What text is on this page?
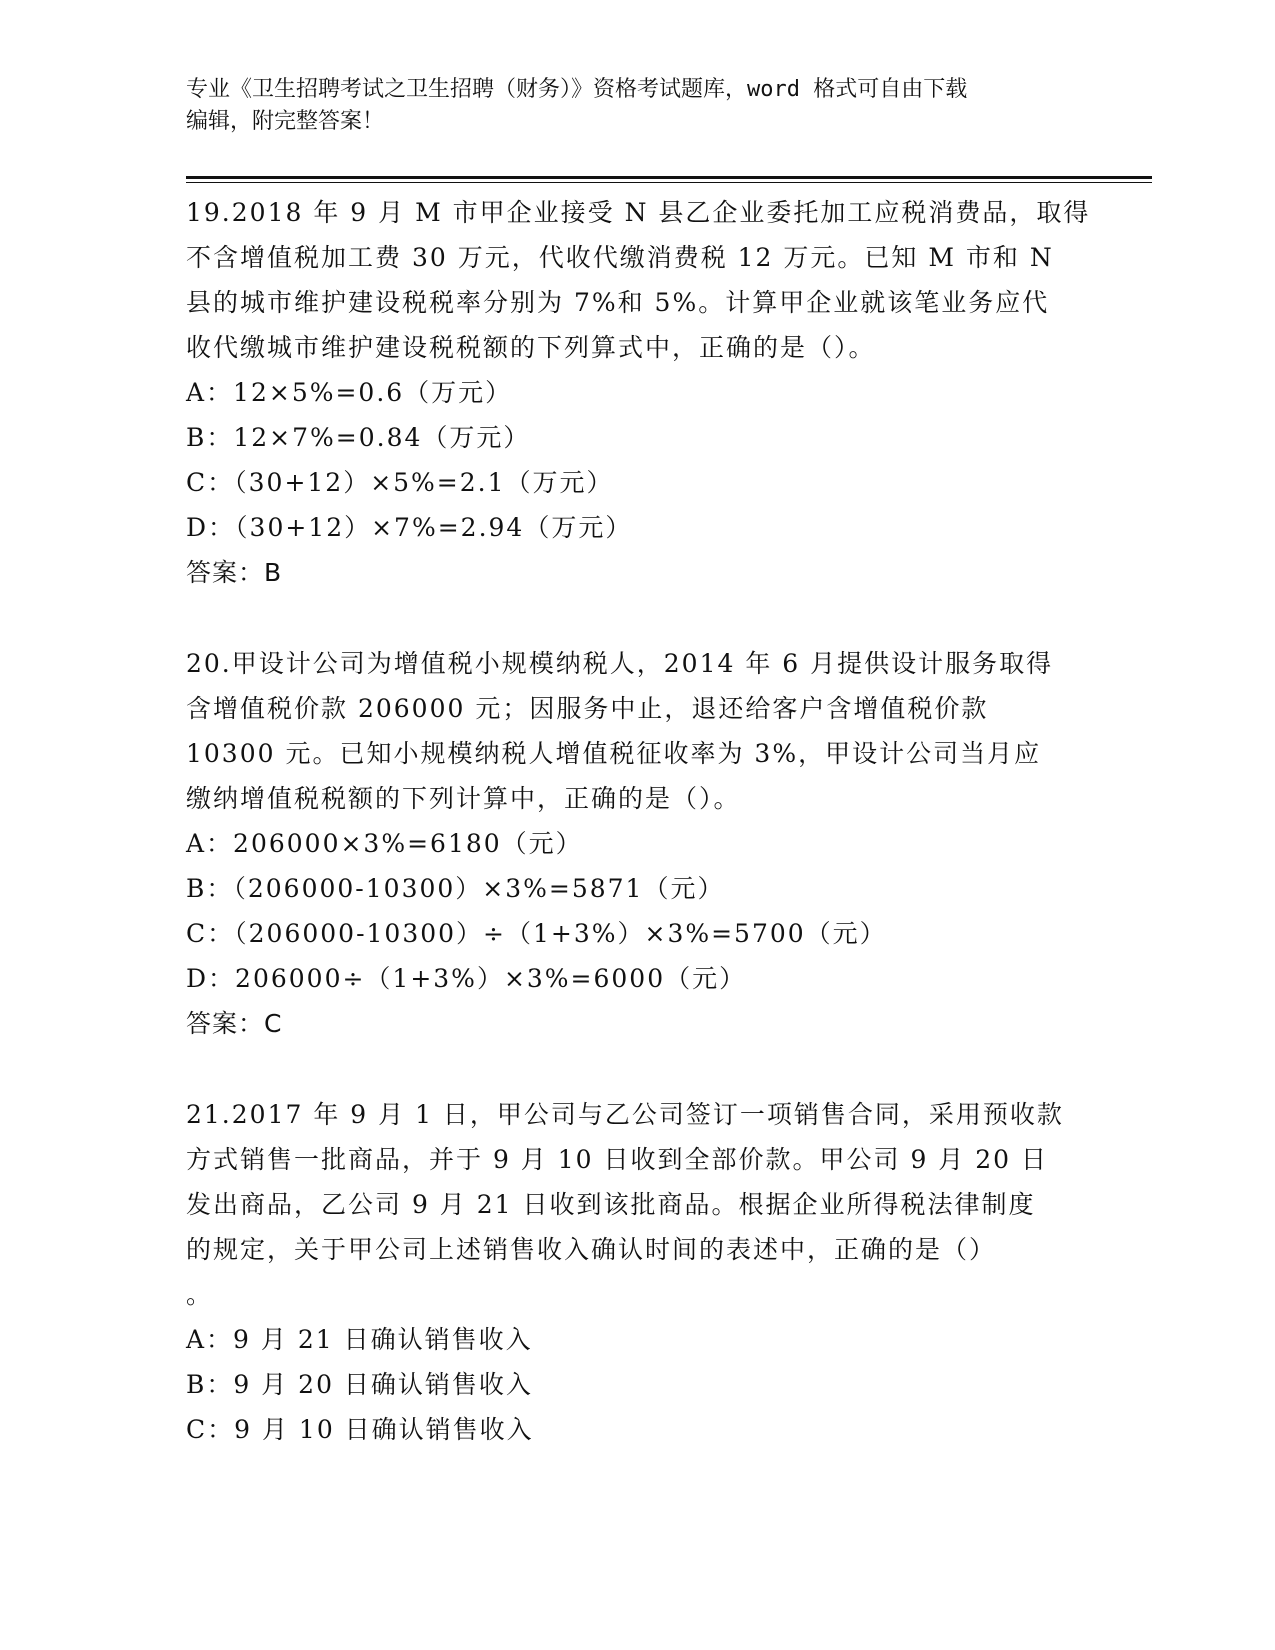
专业《卫生招聘考试之卫生招聘（财务）》资格考试题库，word 格式可自由下载
编辑，附完整答案！
19.2018 年 9 月 M 市甲企业接受 N 县乙企业委托加工应税消费品，取得
不含增值税加工费 30 万元，代收代缴消费税 12 万元。已知 M 市和 N
县的城市维护建设税税率分别为 7%和 5%。计算甲企业就该笔业务应代
收代缴城市维护建设税税额的下列算式中，正确的是（）。
A：12×5%=0.6（万元）
B：12×7%=0.84（万元）
C：（30+12）×5%=2.1（万元）
D：（30+12）×7%=2.94（万元）
答案：B
20.甲设计公司为增值税小规模纳税人，2014 年 6 月提供设计服务取得
含增值税价款 206000 元；因服务中止，退还给客户含增值税价款
10300 元。已知小规模纳税人增值税征收率为 3%，甲设计公司当月应
缴纳增值税税额的下列计算中，正确的是（）。
A：206000×3%=6180（元）
B：（206000-10300）×3%=5871（元）
C：（206000-10300）÷（1+3%）×3%=5700（元）
D：206000÷（1+3%）×3%=6000（元）
答案：C
21.2017 年 9 月 1 日，甲公司与乙公司签订一项销售合同，采用预收款
方式销售一批商品，并于 9 月 10 日收到全部价款。甲公司 9 月 20 日
发出商品，乙公司 9 月 21 日收到该批商品。根据企业所得税法律制度
的规定，关于甲公司上述销售收入确认时间的表述中，正确的是（）
。
A：9 月 21 日确认销售收入
B：9 月 20 日确认销售收入
C：9 月 10 日确认销售收入
